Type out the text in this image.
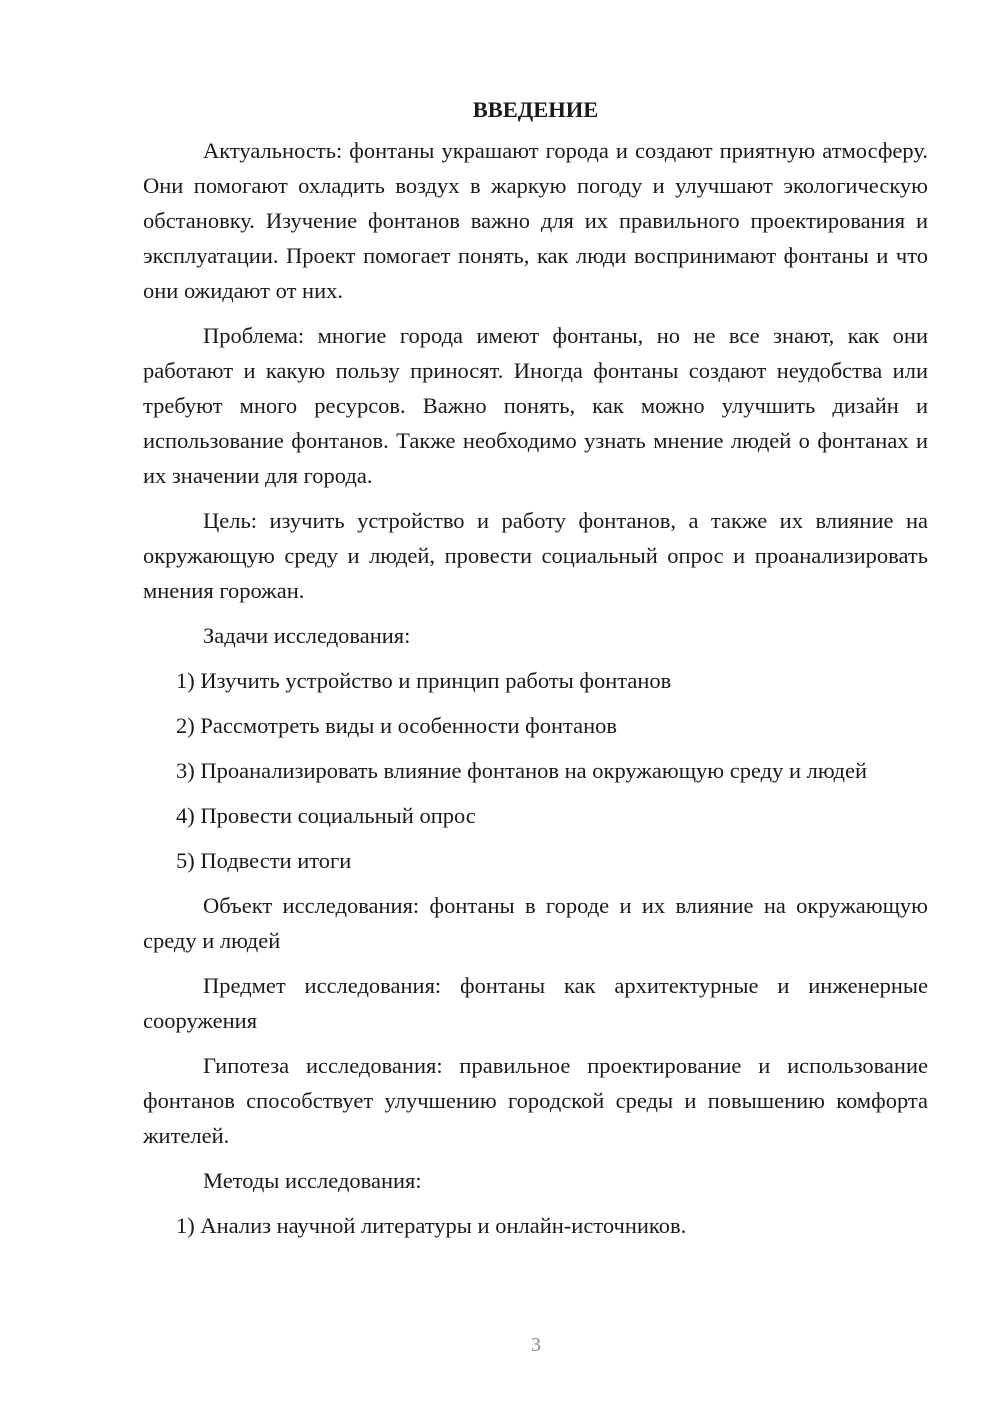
ВВЕДЕНИЕ

Актуальность: фонтаны украшают города и создают приятную атмосферу. Они помогают охладить воздух в жаркую погоду и улучшают экологическую обстановку. Изучение фонтанов важно для их правильного проектирования и эксплуатации. Проект помогает понять, как люди воспринимают фонтаны и что они ожидают от них.

Проблема: многие города имеют фонтаны, но не все знают, как они работают и какую пользу приносят. Иногда фонтаны создают неудобства или требуют много ресурсов. Важно понять, как можно улучшить дизайн и использование фонтанов. Также необходимо узнать мнение людей о фонтанах и их значении для города.

Цель: изучить устройство и работу фонтанов, а также их влияние на окружающую среду и людей, провести социальный опрос и проанализировать мнения горожан.

Задачи исследования:

1) Изучить устройство и принцип работы фонтанов

2) Рассмотреть виды и особенности фонтанов

3) Проанализировать влияние фонтанов на окружающую среду и людей

4) Провести социальный опрос

5) Подвести итоги

Объект исследования: фонтаны в городе и их влияние на окружающую среду и людей

Предмет исследования: фонтаны как архитектурные и инженерные сооружения

Гипотеза исследования: правильное проектирование и использование фонтанов способствует улучшению городской среды и повышению комфорта жителей.

Методы исследования:

1) Анализ научной литературы и онлайн-источников.

3
